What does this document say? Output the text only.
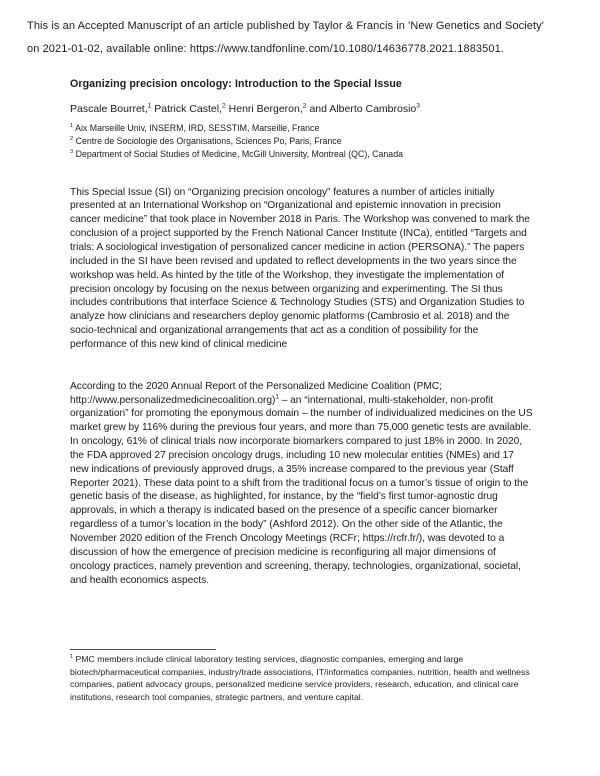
This is an Accepted Manuscript of an article published by Taylor & Francis in 'New Genetics and Society'
on 2021-01-02, available online: https://www.tandfonline.com/10.1080/14636778.2021.1883501.
Organizing precision oncology: Introduction to the Special Issue
Pascale Bourret,$^1$ Patrick Castel,$^2$ Henri Bergeron,$^2$ and Alberto Cambrosio$^3$
$^1$ Aix Marseille Univ, INSERM, IRD, SESSTIM, Marseille, France
$^2$ Centre de Sociologie des Organisations, Sciences Po, Paris, France
$^3$ Department of Social Studies of Medicine, McGill University, Montreal (QC), Canada

This Special Issue (SI) on “Organizing precision oncology” features a number of articles initially presented at an International Workshop on “Organizational and epistemic innovation in precision cancer medicine” that took place in November 2018 in Paris. The Workshop was convened to mark the conclusion of a project supported by the French National Cancer Institute (INCa), entitled “Targets and trials: A sociological investigation of personalized cancer medicine in action (PERSONA).” The papers included in the SI have been revised and updated to reflect developments in the two years since the workshop was held. As hinted by the title of the Workshop, they investigate the implementation of precision oncology by focusing on the nexus between organizing and experimenting. The SI thus includes contributions that interface Science & Technology Studies (STS) and Organization Studies to analyze how clinicians and researchers deploy genomic platforms (Cambrosio et al. 2018) and the socio-technical and organizational arrangements that act as a condition of possibility for the performance of this new kind of clinical medicine

According to the 2020 Annual Report of the Personalized Medicine Coalition (PMC; http://www.personalizedmedicinecoalition.org)$^1$ – an “international, multi-stakeholder, non-profit organization” for promoting the eponymous domain – the number of individualized medicines on the US market grew by 116% during the previous four years, and more than 75,000 genetic tests are available. In oncology, 61% of clinical trials now incorporate biomarkers compared to just 18% in 2000. In 2020, the FDA approved 27 precision oncology drugs, including 10 new molecular entities (NMEs) and 17 new indications of previously approved drugs, a 35% increase compared to the previous year (Staff Reporter 2021). These data point to a shift from the traditional focus on a tumor’s tissue of origin to the genetic basis of the disease, as highlighted, for instance, by the “field’s first tumor-agnostic drug approvals, in which a therapy is indicated based on the presence of a specific cancer biomarker regardless of a tumor’s location in the body” (Ashford 2012). On the other side of the Atlantic, the November 2020 edition of the French Oncology Meetings (RCFr; https://rcfr.fr/), was devoted to a discussion of how the emergence of precision medicine is reconfiguring all major dimensions of oncology practices, namely prevention and screening, therapy, technologies, organizational, societal, and health economics aspects.

$^1$ PMC members include clinical laboratory testing services, diagnostic companies, emerging and large biotech/pharmaceutical companies, industry/trade associations, IT/informatics companies, nutrition, health and wellness companies, patient advocacy groups, personalized medicine service providers, research, education, and clinical care institutions, research tool companies, strategic partners, and venture capital.
